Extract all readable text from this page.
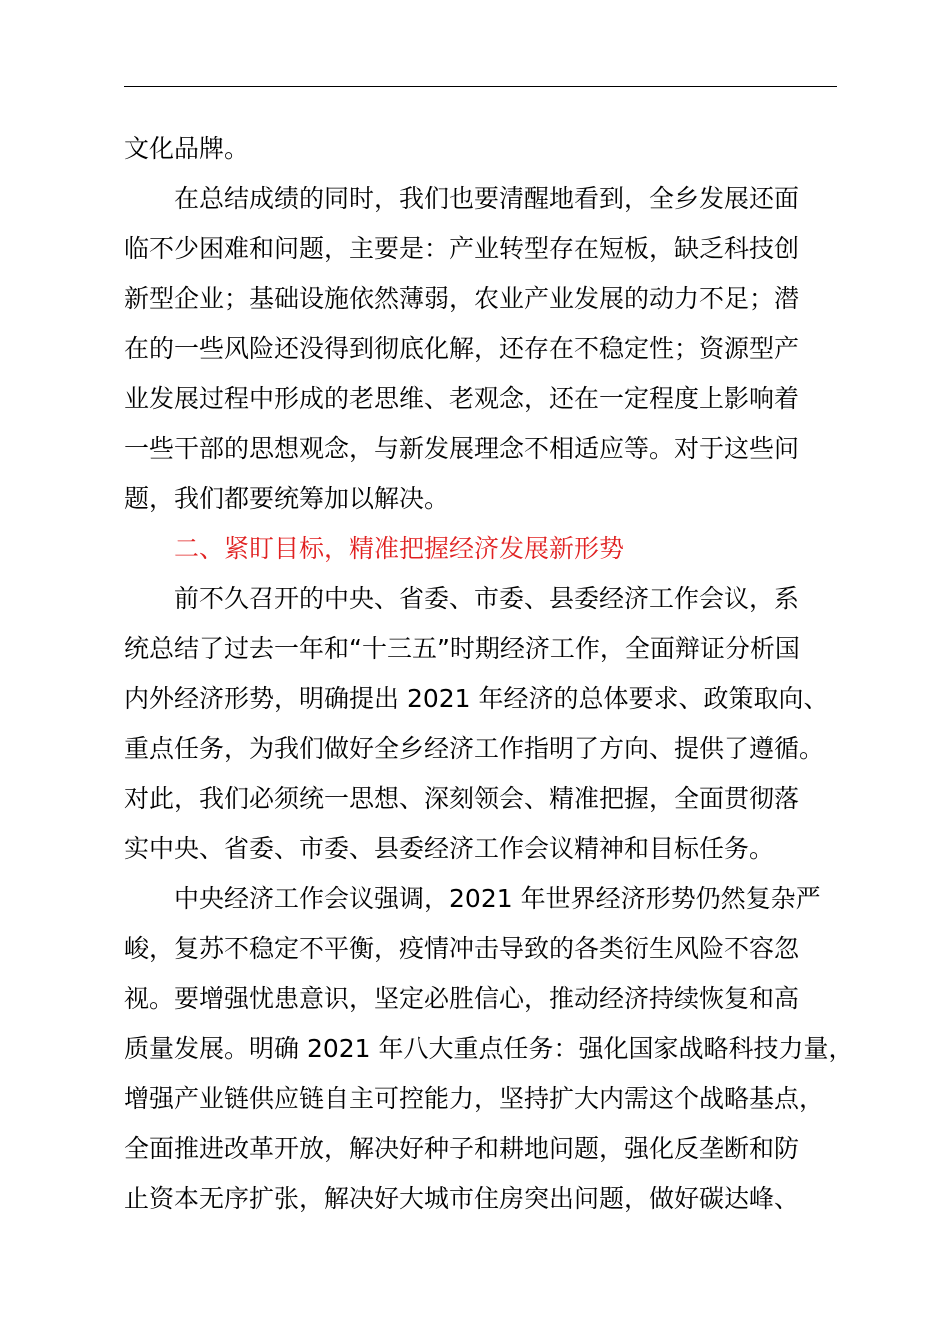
文化品牌。
在总结成绩的同时，我们也要清醒地看到，全乡发展还面
临不少困难和问题，主要是：产业转型存在短板，缺乏科技创
新型企业；基础设施依然薄弱，农业产业发展的动力不足；潜
在的一些风险还没得到彻底化解，还存在不稳定性；资源型产
业发展过程中形成的老思维、老观念，还在一定程度上影响着
一些干部的思想观念，与新发展理念不相适应等。对于这些问
题，我们都要统筹加以解决。
二、紧盯目标，精准把握经济发展新形势
前不久召开的中央、省委、市委、县委经济工作会议，系
统总结了过去一年和“十三五”时期经济工作，全面辩证分析国
内外经济形势，明确提出 2021 年经济的总体要求、政策取向、
重点任务，为我们做好全乡经济工作指明了方向、提供了遵循。
对此，我们必须统一思想、深刻领会、精准把握，全面贯彻落
实中央、省委、市委、县委经济工作会议精神和目标任务。
中央经济工作会议强调，2021 年世界经济形势仍然复杂严
峻，复苏不稳定不平衡，疫情冲击导致的各类衍生风险不容忽
视。要增强忧患意识，坚定必胜信心，推动经济持续恢复和高
质量发展。明确 2021 年八大重点任务：强化国家战略科技力量，
增强产业链供应链自主可控能力，坚持扩大内需这个战略基点，
全面推进改革开放，解决好种子和耕地问题，强化反垄断和防
止资本无序扩张，解决好大城市住房突出问题，做好碳达峰、
